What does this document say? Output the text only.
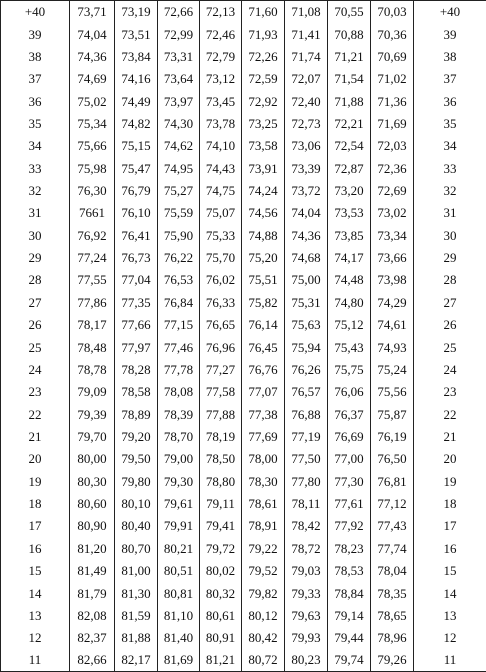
+40	73,71	73,19	72,66	72,13	71,60	71,08	70,55	70,03	+40
39	74,04	73,51	72,99	72,46	71,93	71,41	70,88	70,36	39
38	74,36	73,84	73,31	72,79	72,26	71,74	71,21	70,69	38
37	74,69	74,16	73,64	73,12	72,59	72,07	71,54	71,02	37
36	75,02	74,49	73,97	73,45	72,92	72,40	71,88	71,36	36
35	75,34	74,82	74,30	73,78	73,25	72,73	72,21	71,69	35
34	75,66	75,15	74,62	74,10	73,58	73,06	72,54	72,03	34
33	75,98	75,47	74,95	74,43	73,91	73,39	72,87	72,36	33
32	76,30	76,79	75,27	74,75	74,24	73,72	73,20	72,69	32
31	7661	76,10	75,59	75,07	74,56	74,04	73,53	73,02	31
30	76,92	76,41	75,90	75,33	74,88	74,36	73,85	73,34	30
29	77,24	76,73	76,22	75,70	75,20	74,68	74,17	73,66	29
28	77,55	77,04	76,53	76,02	75,51	75,00	74,48	73,98	28
27	77,86	77,35	76,84	76,33	75,82	75,31	74,80	74,29	27
26	78,17	77,66	77,15	76,65	76,14	75,63	75,12	74,61	26
25	78,48	77,97	77,46	76,96	76,45	75,94	75,43	74,93	25
24	78,78	78,28	77,78	77,27	76,76	76,26	75,75	75,24	24
23	79,09	78,58	78,08	77,58	77,07	76,57	76,06	75,56	23
22	79,39	78,89	78,39	77,88	77,38	76,88	76,37	75,87	22
21	79,70	79,20	78,70	78,19	77,69	77,19	76,69	76,19	21
20	80,00	79,50	79,00	78,50	78,00	77,50	77,00	76,50	20
19	80,30	79,80	79,30	78,80	78,30	77,80	77,30	76,81	19
18	80,60	80,10	79,61	79,11	78,61	78,11	77,61	77,12	18
17	80,90	80,40	79,91	79,41	78,91	78,42	77,92	77,43	17
16	81,20	80,70	80,21	79,72	79,22	78,72	78,23	77,74	16
15	81,49	81,00	80,51	80,02	79,52	79,03	78,53	78,04	15
14	81,79	81,30	80,81	80,32	79,82	79,33	78,84	78,35	14
13	82,08	81,59	81,10	80,61	80,12	79,63	79,14	78,65	13
12	82,37	81,88	81,40	80,91	80,42	79,93	79,44	78,96	12
11	82,66	82,17	81,69	81,21	80,72	80,23	79,74	79,26	11
